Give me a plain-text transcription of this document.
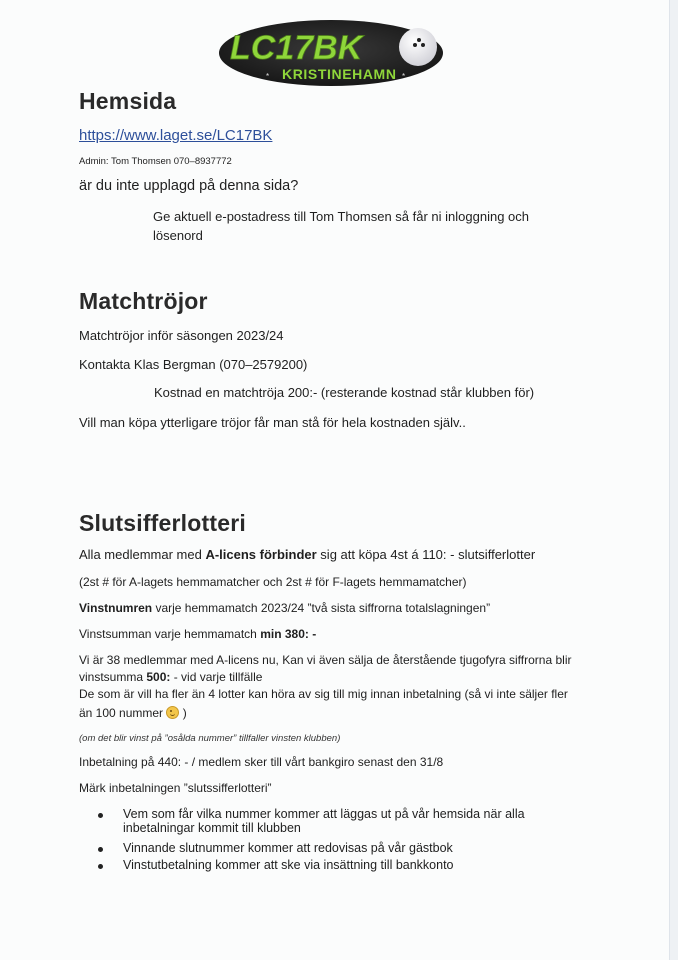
LC17BK
KRISTINEHAMN
*	*
Hemsida
https://www.laget.se/LC17BK
Admin: Tom Thomsen 070–8937772
är du inte upplagd på denna sida?
Ge aktuell e-postadress till Tom Thomsen så får ni inloggning och
lösenord
Matchtröjor
Matchtröjor inför säsongen 2023/24
Kontakta Klas Bergman (070–2579200)
Kostnad en matchtröja 200:- (resterande kostnad står klubben för)
Vill man köpa ytterligare tröjor får man stå för hela kostnaden själv..
Slutsifferlotteri
Alla medlemmar med A-licens förbinder sig att köpa 4st á 110: - slutsifferlotter
(2st # för A-lagets hemmamatcher och 2st # för F-lagets hemmamatcher)
Vinstnumren varje hemmamatch 2023/24 ”två sista siffrorna totalslagningen”
Vinstsumman varje hemmamatch min 380: -
Vi är 38 medlemmar med A-licens nu, Kan vi även sälja de återstående tjugofyra siffrorna blir
vinstsumma 500: - vid varje tillfälle
De som är vill ha fler än 4 lotter kan höra av sig till mig innan inbetalning (så vi inte säljer fler
än 100 nummer  )
(om det blir vinst på ”osålda nummer” tillfaller vinsten klubben)
Inbetalning på 440: - / medlem sker till vårt bankgiro senast den 31/8
Märk inbetalningen ”slutssifferlotteri”
Vem som får vilka nummer kommer att läggas ut på vår hemsida när alla
inbetalningar kommit till klubben
Vinnande slutnummer kommer att redovisas på vår gästbok
Vinstutbetalning kommer att ske via insättning till bankkonto
